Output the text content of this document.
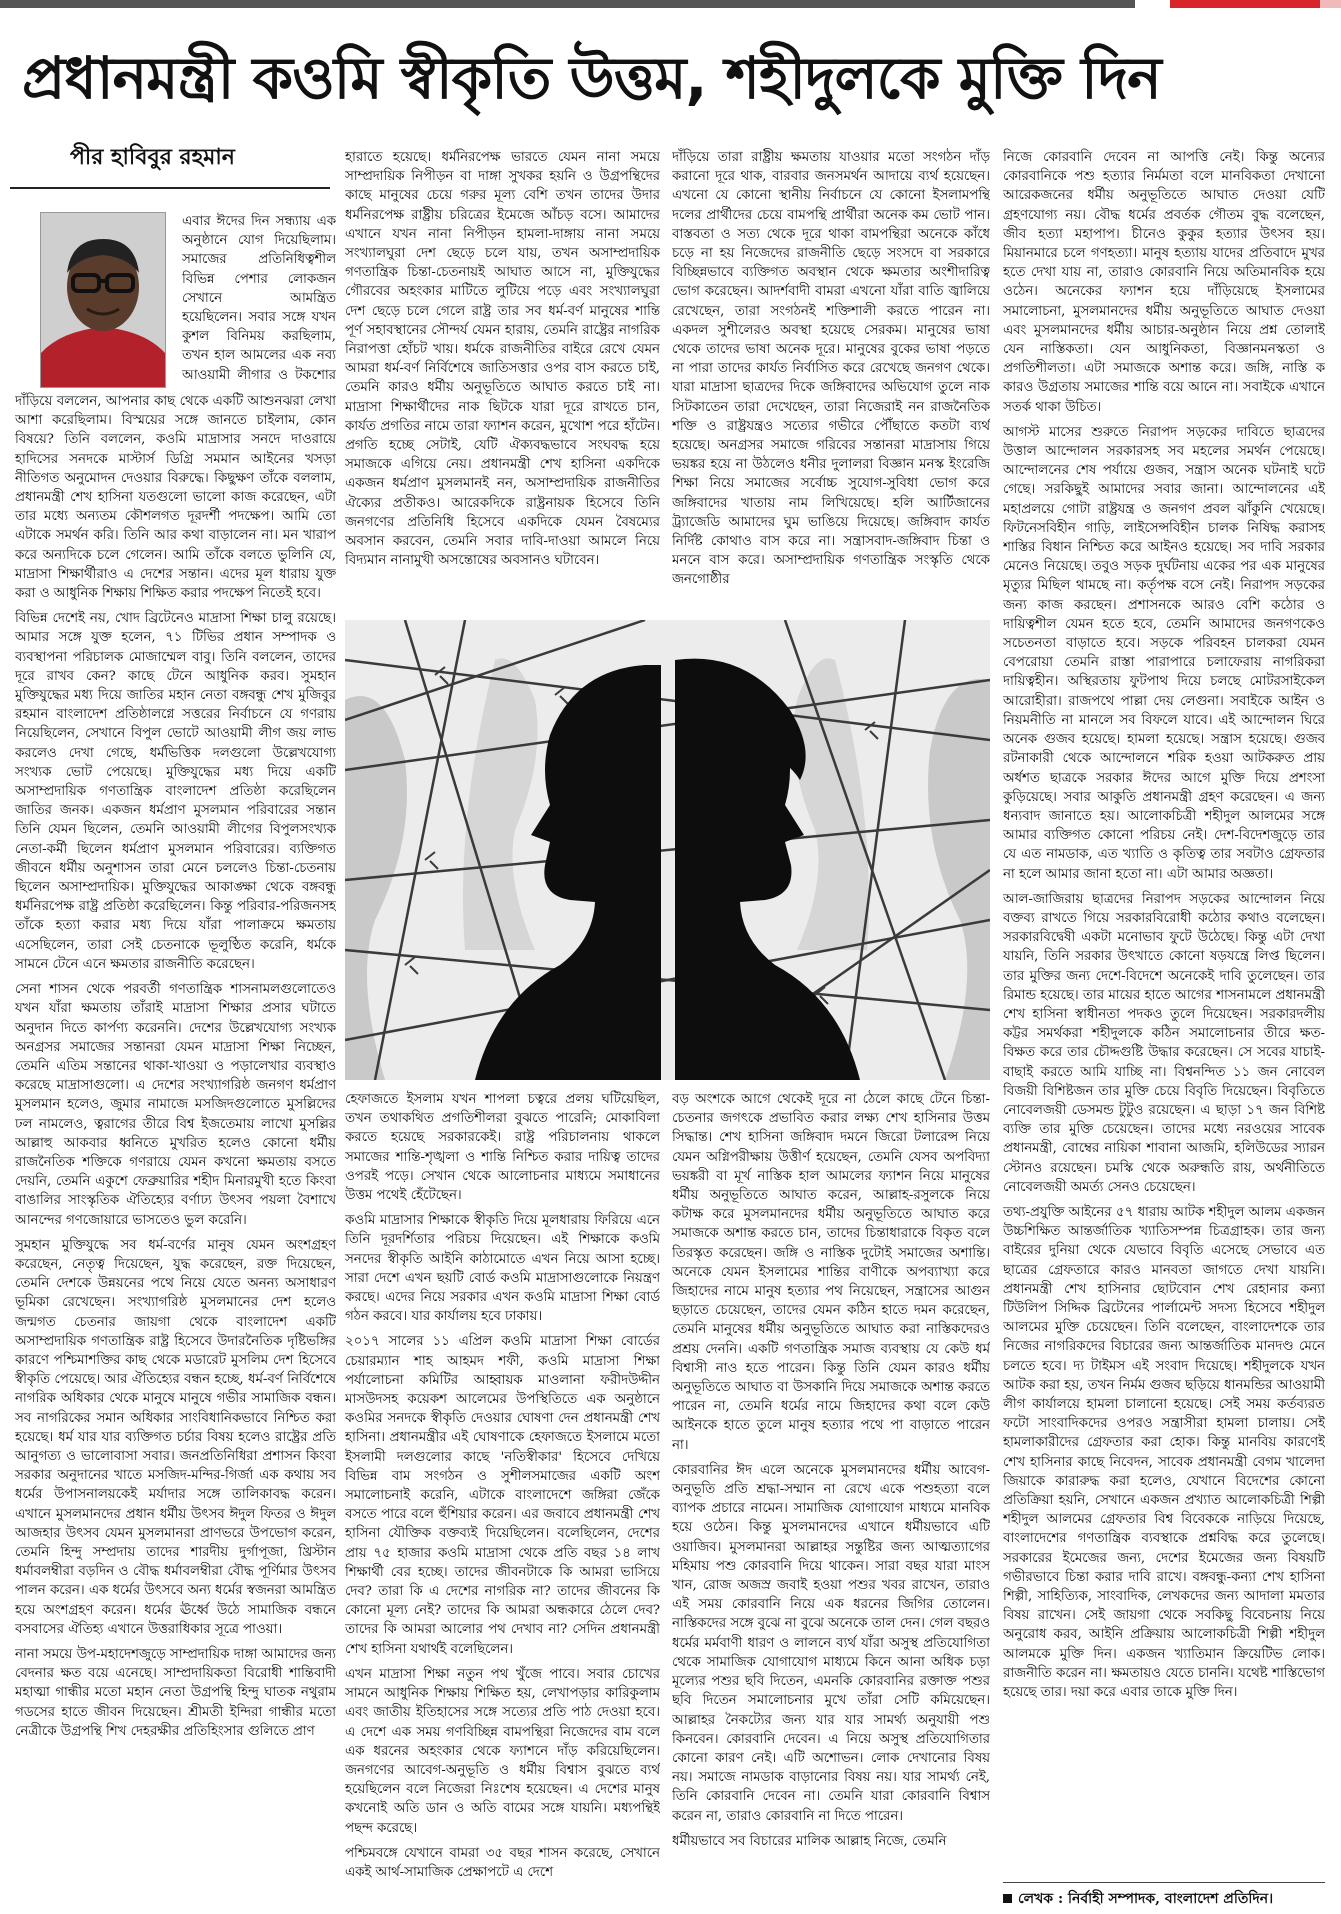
প্রধানমন্ত্রী কওমি স্বীকৃতি উত্তম, শহীদুলকে মুক্তি দিন
পীর হাবিবুর রহমান

এবার ঈদের দিন সন্ধ্যায় এক অনুষ্ঠানে যোগ দিয়েছিলাম। সমাজের প্রতিনিধিত্বশীল বিভিন্ন পেশার লোকজন সেখানে আমন্ত্রিত হয়েছিলেন। সবার সঙ্গে যখন কুশল বিনিময় করছিলাম, তখন হাল আমলের এক নব্য আওয়ামী লীগার ও টকশোর

দাঁড়িয়ে বললেন, আপনার কাছ থেকে একটি আশুনঝরা লেখা আশা করেছিলাম। বিস্ময়ের সঙ্গে জানতে চাইলাম, কোন বিষয়ে? তিনি বললেন, কওমি মাদ্রাসার সনদে দাওরায়ে হাদিসের সনদকে মাস্টার্স ডিগ্রি সমমান আইনের খসড়া নীতিগত অনুমোদন দেওয়ার বিরুদ্ধে। কিছুক্ষণ তাঁকে বললাম, প্রধানমন্ত্রী শেখ হাসিনা যতগুলো ভালো কাজ করেছেন, এটা তার মধ্যে অন্যতম কৌশলগত দূরদর্শী পদক্ষেপ। আমি তো এটাকে সমর্থন করি। তিনি আর কথা বাড়ালেন না। মন খারাপ করে অন্যদিকে চলে গেলেন। আমি তাঁকে বলতে ভুলিনি যে, মাদ্রাসা শিক্ষার্থীরাও এ দেশের সন্তান। এদের মূল ধারায় যুক্ত করা ও আধুনিক শিক্ষায় শিক্ষিত করার পদক্ষেপ নিতেই হবে।

বিভিন্ন দেশেই নয়, খোদ ব্রিটেনেও মাদ্রাসা শিক্ষা চালু রয়েছে। আমার সঙ্গে যুক্ত হলেন, ৭১ টিভির প্রধান সম্পাদক ও ব্যবস্থাপনা পরিচালক মোজাম্মেল বাবু। তিনি বললেন, তাদের দূরে রাখব কেন? কাছে টেনে আধুনিক করব। সুমহান মুক্তিযুদ্ধের মধ্য দিয়ে জাতির মহান নেতা বঙ্গবন্ধু শেখ মুজিবুর রহমান বাংলাদেশ প্রতিষ্ঠালগ্নে সত্তরের নির্বাচনে যে গণরায় নিয়েছিলেন, সেখানে বিপুল ভোটে আওয়ামী লীগ জয় লাভ করলেও দেখা গেছে, ধর্মভিত্তিক দলগুলো উল্লেখযোগ্য সংখ্যক ভোট পেয়েছে। মুক্তিযুদ্ধের মধ্য দিয়ে একটি অসাম্প্রদায়িক গণতান্ত্রিক বাংলাদেশ প্রতিষ্ঠা করেছিলেন জাতির জনক। একজন ধর্মপ্রাণ মুসলমান পরিবারের সন্তান তিনি যেমন ছিলেন, তেমনি আওয়ামী লীগের বিপুলসংখ্যক নেতা-কর্মী ছিলেন ধর্মপ্রাণ মুসলমান পরিবারের। ব্যক্তিগত জীবনে ধর্মীয় অনুশাসন তারা মেনে চললেও চিন্তা-চেতনায় ছিলেন অসাম্প্রদায়িক। মুক্তিযুদ্ধের আকাঙ্ক্ষা থেকে বঙ্গবন্ধু ধর্মনিরপেক্ষ রাষ্ট্র প্রতিষ্ঠা করেছিলেন। কিন্তু পরিবার-পরিজনসহ তাঁকে হত্যা করার মধ্য দিয়ে যাঁরা পালাক্রমে ক্ষমতায় এসেছিলেন, তারা সেই চেতনাকে ভূলুণ্ঠিত করেনি, ধর্মকে সামনে টেনে এনে ক্ষমতার রাজনীতি করেছেন।

সেনা শাসন থেকে পরবর্তী গণতান্ত্রিক শাসনামলগুলোতেও যখন যাঁরা ক্ষমতায় তাঁরাই মাদ্রাসা শিক্ষার প্রসার ঘটাতে অনুদান দিতে কার্পণ্য করেননি। দেশের উল্লেখযোগ্য সংখ্যক অনগ্রসর সমাজের সন্তানরা যেমন মাদ্রাসা শিক্ষা নিচ্ছেন, তেমনি এতিম সন্তানের থাকা-খাওয়া ও পড়ালেখার ব্যবস্থাও করেছে মাদ্রাসাগুলো। এ দেশের সংখ্যাগরিষ্ঠ জনগণ ধর্মপ্রাণ মুসলমান হলেও, জুমার নামাজে মসজিদগুলোতে মুসল্লিদের ঢল নামলেও, ত্বরাগের তীরে বিশ্ব ইজতেমায় লাখো মুসল্লির আল্লাহু আকবার ধ্বনিতে মুখরিত হলেও কোনো ধর্মীয় রাজনৈতিক শক্তিকে গণরায়ে যেমন কখনো ক্ষমতায় বসতে দেয়নি, তেমনি একুশে ফেব্রুয়ারির শহীদ মিনারমুখী হতে কিংবা বাঙালির সাংস্কৃতিক ঐতিহ্যের বর্ণাঢ্য উৎসব পয়লা বৈশাখে আনন্দের গণজোয়ারে ভাসতেও ভুল করেনি।

সুমহান মুক্তিযুদ্ধে সব ধর্ম-বর্ণের মানুষ যেমন অংশগ্রহণ করেছেন, নেতৃত্ব দিয়েছেন, যুদ্ধ করেছেন, রক্ত দিয়েছেন, তেমনি দেশকে উন্নয়নের পথে নিয়ে যেতে অনন্য অসাধারণ ভূমিকা রেখেছেন। সংখ্যাগরিষ্ঠ মুসলমানের দেশ হলেও জন্মগত চেতনার জায়গা থেকে বাংলাদেশ একটি অসাম্প্রদায়িক গণতান্ত্রিক রাষ্ট্র হিসেবে উদারনৈতিক দৃষ্টিভঙ্গির কারণে পশ্চিমাশক্তির কাছ থেকে মডারেট মুসলিম দেশ হিসেবে স্বীকৃতি পেয়েছে। আর ঐতিহ্যের বন্ধন হচ্ছে, ধর্ম-বর্ণ নির্বিশেষে নাগরিক অধিকার থেকে মানুষে মানুষে গভীর সামাজিক বন্ধন। সব নাগরিকের সমান অধিকার সাংবিধানিকভাবে নিশ্চিত করা হয়েছে। ধর্ম যার যার ব্যক্তিগত চর্চার বিষয় হলেও রাষ্ট্রের প্রতি আনুগত্য ও ভালোবাসা সবার। জনপ্রতিনিধিরা প্রশাসন কিংবা সরকার অনুদানের খাতে মসজিদ-মন্দির-গির্জা এক কথায় সব ধর্মের উপাসনালয়কেই মর্যাদার সঙ্গে তালিকাবদ্ধ করেন। এখানে মুসলমানদের প্রধান ধর্মীয় উৎসব ঈদুল ফিতর ও ঈদুল আজহার উৎসব যেমন মুসলমানরা প্রাণভরে উপভোগ করেন, তেমনি হিন্দু সম্প্রদায় তাদের শারদীয় দুর্গাপূজা, খ্রিস্টান ধর্মাবলম্বীরা বড়দিন ও বৌদ্ধ ধর্মাবলম্বীরা বৌদ্ধ পূর্ণিমার উৎসব পালন করেন। এক ধর্মের উৎসবে অন্য ধর্মের স্বজনরা আমন্ত্রিত হয়ে অংশগ্রহণ করেন। ধর্মের ঊর্ধ্বে উঠে সামাজিক বন্ধনে বসবাসের ঐতিহ্য এখানে উত্তরাধিকার সূত্রে পাওয়া।

নানা সময়ে উপ-মহাদেশজুড়ে সাম্প্রদায়িক দাঙ্গা আমাদের জন্য বেদনার ক্ষত বয়ে এনেছে। সাম্প্রদায়িকতা বিরোধী শান্তিবাদী মহাত্মা গান্ধীর মতো মহান নেতা উগ্রপন্থি হিন্দু ঘাতক নথুরাম গডসের হাতে জীবন দিয়েছেন। শ্রীমতী ইন্দিরা গান্ধীর মতো নেত্রীকে উগ্রপন্থি শিখ দেহরক্ষীর প্রতিহিংসার গুলিতে প্রাণ

হারাতে হয়েছে। ধর্মনিরপেক্ষ ভারতে যেমন নানা সময়ে সাম্প্রদায়িক নিপীড়ন বা দাঙ্গা সুখকর হয়নি ও উগ্রপন্থিদের কাছে মানুষের চেয়ে গরুর মূল্য বেশি তখন তাদের উদার ধর্মনিরপেক্ষ রাষ্ট্রীয় চরিত্রের ইমেজে আঁচড় বসে। আমাদের এখানে যখন নানা নিপীড়ন হামলা-দাঙ্গায় নানা সময়ে সংখ্যালঘুরা দেশ ছেড়ে চলে যায়, তখন অসাম্প্রদায়িক গণতান্ত্রিক চিন্তা-চেতনায়ই আঘাত আসে না, মুক্তিযুদ্ধের গৌরবের অহংকার মাটিতে লুটিয়ে পড়ে এবং সংখ্যালঘুরা দেশ ছেড়ে চলে গেলে রাষ্ট্র তার সব ধর্ম-বর্ণ মানুষের শান্তি পূর্ণ সহাবস্থানের সৌন্দর্য যেমন হারায়, তেমনি রাষ্ট্রের নাগরিক নিরাপত্তা হোঁচট খায়। ধর্মকে রাজনীতির বাইরে রেখে যেমন আমরা ধর্ম-বর্ণ নির্বিশেষে জাতিসত্তার ওপর বাস করতে চাই, তেমনি কারও ধর্মীয় অনুভূতিতে আঘাত করতে চাই না। মাদ্রাসা শিক্ষার্থীদের নাক ছিটকে যারা দূরে রাখতে চান, কার্যত প্রগতির নামে তারা ফ্যাশন করেন, মুখোশ পরে হাঁটেন। প্রগতি হচ্ছে সেটাই, যেটি ঐক্যবদ্ধভাবে সংঘবদ্ধ হয়ে সমাজকে এগিয়ে নেয়। প্রধানমন্ত্রী শেখ হাসিনা একদিকে একজন ধর্মপ্রাণ মুসলমানই নন, অসাম্প্রদায়িক রাজনীতির ঐক্যের প্রতীকও। আরেকদিকে রাষ্ট্রনায়ক হিসেবে তিনি জনগণের প্রতিনিধি হিসেবে একদিকে যেমন বৈষম্যের অবসান করবেন, তেমনি সবার দাবি-দাওয়া আমলে নিয়ে বিদ্যমান নানামুখী অসন্তোষের অবসানও ঘটাবেন।

দাঁড়িয়ে তারা রাষ্ট্রীয় ক্ষমতায় যাওয়ার মতো সংগঠন দাঁড় করানো দূরে থাক, বারবার জনসমর্থন আদায়ে ব্যর্থ হয়েছেন। এখনো যে কোনো স্থানীয় নির্বাচনে যে কোনো ইসলামপন্থি দলের প্রার্থীদের চেয়ে বামপন্থি প্রার্থীরা অনেক কম ভোট পান। বাস্তবতা ও সত্য থেকে দূরে থাকা বামপন্থিরা অনেকে কাঁধে চড়ে না হয় নিজেদের রাজনীতি ছেড়ে সংসদে বা সরকারে বিচ্ছিন্নভাবে ব্যক্তিগত অবস্থান থেকে ক্ষমতার অংশীদারিত্ব ভোগ করেছেন। আদর্শবাদী বামরা এখনো যাঁরা বাতি জ্বালিয়ে রেখেছেন, তারা সংগঠনই শক্তিশালী করতে পারেন না। একদল সুশীলেরও অবস্থা হয়েছে সেরকম। মানুষের ভাষা থেকে তাদের ভাষা অনেক দূরে। মানুষের বুকের ভাষা পড়তে না পারা তাদের কার্যত নির্বাসিত করে রেখেছে জনগণ থেকে। যারা মাদ্রাসা ছাত্রদের দিকে জঙ্গিবাদের অভিযোগ তুলে নাক সিটকাতেন তারা দেখেছেন, তারা নিজেরাই নন রাজনৈতিক শক্তি ও রাষ্ট্রযন্ত্রও সত্যের গভীরে পৌঁছাতে কতটা ব্যর্থ হয়েছে। অনগ্রসর সমাজে গরিবের সন্তানরা মাদ্রাসায় গিয়ে ভয়ঙ্কর হয়ে না উঠলেও ধনীর দুলালরা বিজ্ঞান মনস্ক ইংরেজি শিক্ষা নিয়ে সমাজের সর্বোচ্চ সুযোগ-সুবিধা ভোগ করে জঙ্গিবাদের খাতায় নাম লিখিয়েছে। হলি আর্টিজানের ট্র্যাজেডি আমাদের ঘুম ভাঙিয়ে দিয়েছে। জঙ্গিবাদ কার্যত নির্দিষ্ট কোথাও বাস করে না। সন্ত্রাসবাদ-জঙ্গিবাদ চিন্তা ও মননে বাস করে। অসাম্প্রদায়িক গণতান্ত্রিক সংস্কৃতি থেকে জনগোষ্ঠীর

হেফাজতে ইসলাম যখন শাপলা চত্বরে প্রলয় ঘটিয়েছিল, তখন তথাকথিত প্রগতিশীলরা বুঝতে পারেনি; মোকাবিলা করতে হয়েছে সরকারকেই। রাষ্ট্র পরিচালনায় থাকলে সমাজের শান্তি-শৃঙ্খলা ও শান্তি নিশ্চিত করার দায়িত্ব তাদের ওপরই পড়ে। সেখান থেকে আলোচনার মাধ্যমে সমাধানের উত্তম পথেই হেঁটেছেন।

কওমি মাদ্রাসার শিক্ষাকে স্বীকৃতি দিয়ে মূলধারায় ফিরিয়ে এনে তিনি দূরদর্শিতার পরিচয় দিয়েছেন। এই শিক্ষাকে কওমি সনদের স্বীকৃতি আইনি কাঠামোতে এখন নিয়ে আসা হচ্ছে। সারা দেশে এখন ছয়টি বোর্ড কওমি মাদ্রাসাগুলোকে নিয়ন্ত্রণ করছে। এদের নিয়ে সরকার এখন কওমি মাদ্রাসা শিক্ষা বোর্ড গঠন করবে। যার কার্যালয় হবে ঢাকায়।

২০১৭ সালের ১১ এপ্রিল কওমি মাদ্রাসা শিক্ষা বোর্ডের চেয়ারম্যান শাহ আহমদ শফী, কওমি মাদ্রাসা শিক্ষা পর্যালোচনা কমিটির আহ্বায়ক মাওলানা ফরীদউদ্দীন মাসউদসহ কয়েকশ আলেমের উপস্থিতিতে এক অনুষ্ঠানে কওমির সনদকে স্বীকৃতি দেওয়ার ঘোষণা দেন প্রধানমন্ত্রী শেখ হাসিনা। প্রধানমন্ত্রীর এই ঘোষণাকে হেফাজতে ইসলামে মতো ইসলামী দলগুলোর কাছে 'নতিস্বীকার' হিসেবে দেখিয়ে বিভিন্ন বাম সংগঠন ও সুশীলসমাজের একটি অংশ সমালোচনাই করেনি, এটাকে বাংলাদেশে জঙ্গিরা জেঁকে বসতে পারে বলে হুঁশিয়ার করেন। এর জবাবে প্রধানমন্ত্রী শেখ হাসিনা যৌক্তিক বক্তব্যই দিয়েছিলেন। বলেছিলেন, দেশের প্রায় ৭৫ হাজার কওমি মাদ্রাসা থেকে প্রতি বছর ১৪ লাখ শিক্ষার্থী বের হচ্ছে। তাদের জীবনটাকে কি আমরা ভাসিয়ে দেব? তারা কি এ দেশের নাগরিক না? তাদের জীবনের কি কোনো মূল্য নেই? তাদের কি আমরা অন্ধকারে ঠেলে দেব? তাদের কি আমরা আলোর পথ দেখাব না? সেদিন প্রধানমন্ত্রী শেখ হাসিনা যথার্থই বলেছিলেন।

এখন মাদ্রাসা শিক্ষা নতুন পথ খুঁজে পাবে। সবার চোখের সামনে আধুনিক শিক্ষায় শিক্ষিত হয়, লেখাপড়ার কারিকুলাম এবং জাতীয় ইতিহাসের সঙ্গে সত্যের প্রতি পাঠ দেওয়া হবে। এ দেশে এক সময় গণবিচ্ছিন্ন বামপন্থিরা নিজেদের বাম বলে এক ধরনের অহংকার থেকে ফ্যাশনে দাঁড় করিয়েছিলেন। জনগণের আবেগ-অনুভূতি ও ধর্মীয় বিশ্বাস বুঝতে ব্যর্থ হয়েছিলেন বলে নিজেরা নিঃশেষ হয়েছেন। এ দেশের মানুষ কখনোই অতি ডান ও অতি বামের সঙ্গে যায়নি। মধ্যপন্থিই পছন্দ করেছে।

পশ্চিমবঙ্গে যেখানে বামরা ৩৫ বছর শাসন করেছে, সেখানে একই আর্থ-সামাজিক প্রেক্ষাপটে এ দেশে

বড় অংশকে আগে থেকেই দূরে না ঠেলে কাছে টেনে চিন্তা-চেতনার জগৎকে প্রভাবিত করার লক্ষ্য শেখ হাসিনার উত্তম সিদ্ধান্ত। শেখ হাসিনা জঙ্গিবাদ দমনে জিরো টলারেন্স নিয়ে যেমন অগ্নিপরীক্ষায় উত্তীর্ণ হয়েছেন, তেমনি যেসব অপবিদ্যা ভয়ঙ্করী বা মূর্খ নাস্তিক হাল আমলের ফ্যাশন নিয়ে মানুষের ধর্মীয় অনুভূতিতে আঘাত করেন, আল্লাহ-রসুলকে নিয়ে কটাক্ষ করে মুসলমানদের ধর্মীয় অনুভূতিতে আঘাত করে সমাজকে অশান্ত করতে চান, তাদের চিন্তাধারাকে বিকৃত বলে তিরস্কৃত করেছেন। জঙ্গি ও নাস্তিক দুটোই সমাজের অশান্তি। অনেকে যেমন ইসলামের শান্তির বাণীকে অপব্যাখ্যা করে জিহাদের নামে মানুষ হত্যার পথ নিয়েছেন, সন্ত্রাসের আগুন ছড়াতে চেয়েছেন, তাদের যেমন কঠিন হাতে দমন করেছেন, তেমনি মানুষের ধর্মীয় অনুভূতিতে আঘাত করা নাস্তিকদেরও প্রশ্রয় দেননি। একটি গণতান্ত্রিক সমাজ ব্যবস্থায় যে কেউ ধর্ম বিশ্বাসী নাও হতে পারেন। কিন্তু তিনি যেমন কারও ধর্মীয় অনুভূতিতে আঘাত বা উসকানি দিয়ে সমাজকে অশান্ত করতে পারেন না, তেমনি ধর্মের নামে জিহাদের কথা বলে কেউ আইনকে হাতে তুলে মানুষ হত্যার পথে পা বাড়াতে পারেন না।

কোরবানির ঈদ এলে অনেকে মুসলমানদের ধর্মীয় আবেগ-অনুভূতি প্রতি শ্রদ্ধা-সম্মান না রেখে একে পশুহত্যা বলে ব্যাপক প্রচারে নামেন। সামাজিক যোগাযোগ মাধ্যমে মানবিক হয়ে ওঠেন। কিন্তু মুসলমানদের এখানে ধর্মীয়ভাবে এটি ওয়াজিব। মুসলমানরা আল্লাহর সন্তুষ্টির জন্য আত্মত্যাগের মহিমায় পশু কোরবানি দিয়ে থাকেন। সারা বছর যারা মাংস খান, রোজ অজস্র জবাই হওয়া পশুর খবর রাখেন, তারাও এই সময় কোরবানি নিয়ে এক ধরনের জিগির তোলেন। নাস্তিকদের সঙ্গে বুঝে না বুঝে অনেকে তাল দেন। গেল বছরও ধর্মের মর্মবাণী ধারণ ও লালনে ব্যর্থ যাঁরা অসুস্থ প্রতিযোগিতা থেকে সামাজিক যোগাযোগ মাধ্যমে কিনে আনা অধিক চড়া মূল্যের পশুর ছবি দিতেন, এমনকি কোরবানির রক্তাক্ত পশুর ছবি দিতেন সমালোচনার মুখে তাঁরা সেটি কমিয়েছেন। আল্লাহর নৈকট্যের জন্য যার যার সামর্থ্য অনুযায়ী পশু কিনবেন। কোরবানি দেবেন। এ নিয়ে অসুস্থ প্রতিযোগিতার কোনো কারণ নেই। এটি অশোভন। লোক দেখানোর বিষয় নয়। সমাজে নামডাক বাড়ানোর বিষয় নয়। যার সামর্থ্য নেই, তিনি কোরবানি দেবেন না। তেমনি যারা কোরবানি বিশ্বাস করেন না, তারাও কোরবানি না দিতে পারেন।

ধর্মীয়ভাবে সব বিচারের মালিক আল্লাহ নিজে, তেমনি

নিজে কোরবানি দেবেন না আপত্তি নেই। কিন্তু অন্যের কোরবানিকে পশু হত্যার নির্মমতা বলে মানবিকতা দেখানো আরেকজনের ধর্মীয় অনুভূতিতে আঘাত দেওয়া যেটি গ্রহণযোগ্য নয়। বৌদ্ধ ধর্মের প্রবর্তক গৌতম বুদ্ধ বলেছেন, জীব হত্যা মহাপাপ। চীনেও কুকুর হত্যার উৎসব হয়। মিয়ানমারে চলে গণহত্যা। মানুষ হত্যায় যাদের প্রতিবাদে মুখর হতে দেখা যায় না, তারাও কোরবানি নিয়ে অতিমানবিক হয়ে ওঠেন। অনেকের ফ্যাশন হয়ে দাঁড়িয়েছে ইসলামের সমালোচনা, মুসলমানদের ধর্মীয় অনুভূতিতে আঘাত দেওয়া এবং মুসলমানদের ধর্মীয় আচার-অনুষ্ঠান নিয়ে প্রশ্ন তোলাই যেন নাস্তিকতা। যেন আধুনিকতা, বিজ্ঞানমনস্কতা ও প্রগতিশীলতা। এটা সমাজকে অশান্ত করে। জঙ্গি, নাস্তি ক কারও উগ্রতায় সমাজের শান্তি বয়ে আনে না। সবাইকে এখানে সতর্ক থাকা উচিত।

আগস্ট মাসের শুরুতে নিরাপদ সড়কের দাবিতে ছাত্রদের উত্তাল আন্দোলন সরকারসহ সব মহলের সমর্থন পেয়েছে। আন্দোলনের শেষ পর্যায়ে গুজব, সন্ত্রাস অনেক ঘটনাই ঘটে গেছে। সরকিছুই আমাদের সবার জানা। আন্দোলনের এই মহাপ্রলয়ে গোটা রাষ্ট্রযন্ত্র ও জনগণ প্রবল ঝাঁকুনি খেয়েছে। ফিটনেসবিহীন গাড়ি, লাইসেন্সবিহীন চালক নিষিদ্ধ করাসহ শাস্তির বিধান নিশ্চিত করে আইনও হয়েছে। সব দাবি সরকার মেনেও নিয়েছে। তবুও সড়ক দুর্ঘটনায় একের পর এক মানুষের মৃত্যুর মিছিল থামছে না। কর্তৃপক্ষ বসে নেই। নিরাপদ সড়কের জন্য কাজ করছেন। প্রশাসনকে আরও বেশি কঠোর ও দায়িত্বশীল যেমন হতে হবে, তেমনি আমাদের জনগণকেও সচেতনতা বাড়াতে হবে। সড়কে পরিবহন চালকরা যেমন বেপরোয়া তেমনি রাস্তা পারাপারে চলাফেরায় নাগরিকরা দায়িত্বহীন। অস্থিরতায় ফুটপাথ দিয়ে চলছে মোটরসাইকেল আরোহীরা। রাজপথে পাল্লা দেয় লেগুনা। সবাইকে আইন ও নিয়মনীতি না মানলে সব বিফলে যাবে। এই আন্দোলন ঘিরে অনেক গুজব হয়েছে। হামলা হয়েছে। সন্ত্রাস হয়েছে। গুজব রটনাকারী থেকে আন্দোলনে শরিক হওয়া আটকরুত প্রায় অর্ধশত ছাত্রকে সরকার ঈদের আগে মুক্তি দিয়ে প্রশংসা কুড়িয়েছে। সবার আকুতি প্রধানমন্ত্রী গ্রহণ করেছেন। এ জন্য ধন্যবাদ জানাতে হয়। আলোকচিত্রী শহীদুল আলমের সঙ্গে আমার ব্যক্তিগত কোনো পরিচয় নেই। দেশ-বিদেশজুড়ে তার যে এত নামডাক, এত খ্যাতি ও কৃতিত্ব তার সবটাও গ্রেফতার না হলে আমার জানা হতো না। এটা আমার অজ্ঞতা।

আল-জাজিরায় ছাত্রদের নিরাপদ সড়কের আন্দোলন নিয়ে বক্তব্য রাখতে গিয়ে সরকারবিরোধী কঠোর কথাও বলেছেন। সরকারবিদ্বেষী একটা মনোভাব ফুটে উঠেছে। কিন্তু এটা দেখা যায়নি, তিনি সরকার উৎখাতে কোনো ষড়যন্ত্রে লিপ্ত ছিলেন। তার মুক্তির জন্য দেশে-বিদেশে অনেকেই দাবি তুলেছেন। তার রিমান্ড হয়েছে। তার মায়ের হাতে আগের শাসনামলে প্রধানমন্ত্রী শেখ হাসিনা স্বাধীনতা পদকও তুলে দিয়েছেন। সরকারদলীয় কট্টর সমর্থকরা শহীদুলকে কঠিন সমালোচনার তীরে ক্ষত-বিক্ষত করে তার চৌদ্দগুষ্টি উদ্ধার করেছেন। সে সবের যাচাই-বাছাই করতে আমি যাচ্ছি না। বিশ্বনন্দিত ১১ জন নোবেল বিজয়ী বিশিষ্টজন তার মুক্তি চেয়ে বিবৃতি দিয়েছেন। বিবৃতিতে নোবেলজয়ী ডেসমন্ড টুটুও রয়েছেন। এ ছাড়া ১৭ জন বিশিষ্ট ব্যক্তি তার মুক্তি চেয়েছেন। তাদের মধ্যে নরওয়ের সাবেক প্রধানমন্ত্রী, বোম্বের নায়িকা শাবানা আজমি, হলিউডের স্যারন স্টোনও রয়েছেন। চমস্কি থেকে অরুন্ধতি রায়, অর্থনীতিতে নোবেলজয়ী অমর্ত্য সেনও চেয়েছেন।

তথ্য-প্রযুক্তি আইনের ৫৭ ধারায় আটক শহীদুল আলম একজন উচ্চশিক্ষিত আন্তর্জাতিক খ্যাতিসম্পন্ন চিত্রগ্রাহক। তার জন্য বাইরের দুনিয়া থেকে যেভাবে বিবৃতি এসেছে সেভাবে এত ছাত্রের গ্রেফতারে কারও মানবতা জাগতে দেখা যায়নি। প্রধানমন্ত্রী শেখ হাসিনার ছোটবোন শেখ রেহানার কন্যা টিউলিপ সিদ্দিক ব্রিটেনের পার্লামেন্ট সদস্য হিসেবে শহীদুল আলমের মুক্তি চেয়েছেন। তিনি বলেছেন, বাংলাদেশকে তার নিজের নাগরিকদের বিচারের জন্য আন্তর্জাতিক মানদণ্ড মেনে চলতে হবে। দ্য টাইমস এই সংবাদ দিয়েছে। শহীদুলকে যখন আটক করা হয়, তখন নির্মম গুজব ছড়িয়ে ধানমন্ডির আওয়ামী লীগ কার্যালয়ে হামলা চালানো হয়েছে। সেই সময় কর্তব্যরত ফটো সাংবাদিকদের ওপরও সন্ত্রাসীরা হামলা চালায়। সেই হামলাকারীদের গ্রেফতার করা হোক। কিন্তু মানবিয় কারণেই শেখ হাসিনার কাছে নিবেদন, সাবেক প্রধানমন্ত্রী বেগম খালেদা জিয়াকে কারারুদ্ধ করা হলেও, যেখানে বিদেশের কোনো প্রতিক্রিয়া হয়নি, সেখানে একজন প্রখ্যাত আলোকচিত্রী শিল্পী শহীদুল আলমের গ্রেফতার বিশ্ব বিবেককে নাড়িয়ে দিয়েছে, বাংলাদেশের গণতান্ত্রিক ব্যবস্থাকে প্রশ্নবিদ্ধ করে তুলেছে। সরকারের ইমেজের জন্য, দেশের ইমেজের জন্য বিষয়টি গভীরভাবে চিন্তা করার দাবি রাখে। বঙ্গবন্ধু-কন্যা শেখ হাসিনা শিল্পী, সাহিত্যিক, সাংবাদিক, লেখকদের জন্য আদালা মমতার বিষয় রাখেন। সেই জায়গা থেকে সবকিছু বিবেচনায় নিয়ে অনুরোধ করব, আইনি প্রক্রিয়ায় আলোকচিত্রী শিল্পী শহীদুল আলমকে মুক্তি দিন। একজন খ্যাতিমান ক্রিয়েটিভ লোক। রাজনীতি করেন না। ক্ষমতায়ও যেতে চাননি। যথেষ্ট শাস্তিভোগ হয়েছে তার। দয়া করে এবার তাকে মুক্তি দিন।

লেখক : নির্বাহী সম্পাদক, বাংলাদেশ প্রতিদিন।
